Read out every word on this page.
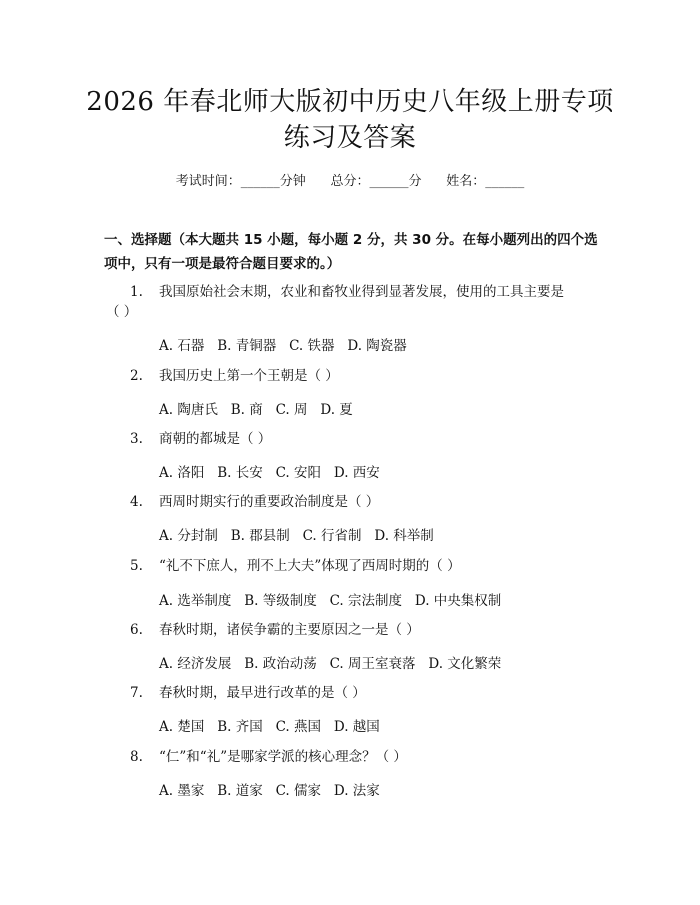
2026 年春北师大版初中历史八年级上册专项
练习及答案
考试时间：______分钟      总分：______分      姓名：______
一、选择题（本大题共 15 小题，每小题 2 分，共 30 分。在每小题列出的四个选
项中，只有一项是最符合题目要求的。）
1. 我国原始社会末期，农业和畜牧业得到显著发展，使用的工具主要是
（ ）
A. 石器   B. 青铜器   C. 铁器   D. 陶瓷器
2. 我国历史上第一个王朝是（ ）
A. 陶唐氏   B. 商   C. 周   D. 夏
3. 商朝的都城是（ ）
A. 洛阳   B. 长安   C. 安阳   D. 西安
4. 西周时期实行的重要政治制度是（ ）
A. 分封制   B. 郡县制   C. 行省制   D. 科举制
5. “礼不下庶人，刑不上大夫”体现了西周时期的（ ）
A. 选举制度   B. 等级制度   C. 宗法制度   D. 中央集权制
6. 春秋时期，诸侯争霸的主要原因之一是（ ）
A. 经济发展   B. 政治动荡   C. 周王室衰落   D. 文化繁荣
7. 春秋时期，最早进行改革的是（ ）
A. 楚国   B. 齐国   C. 燕国   D. 越国
8. “仁”和“礼”是哪家学派的核心理念？（ ）
A. 墨家   B. 道家   C. 儒家   D. 法家
